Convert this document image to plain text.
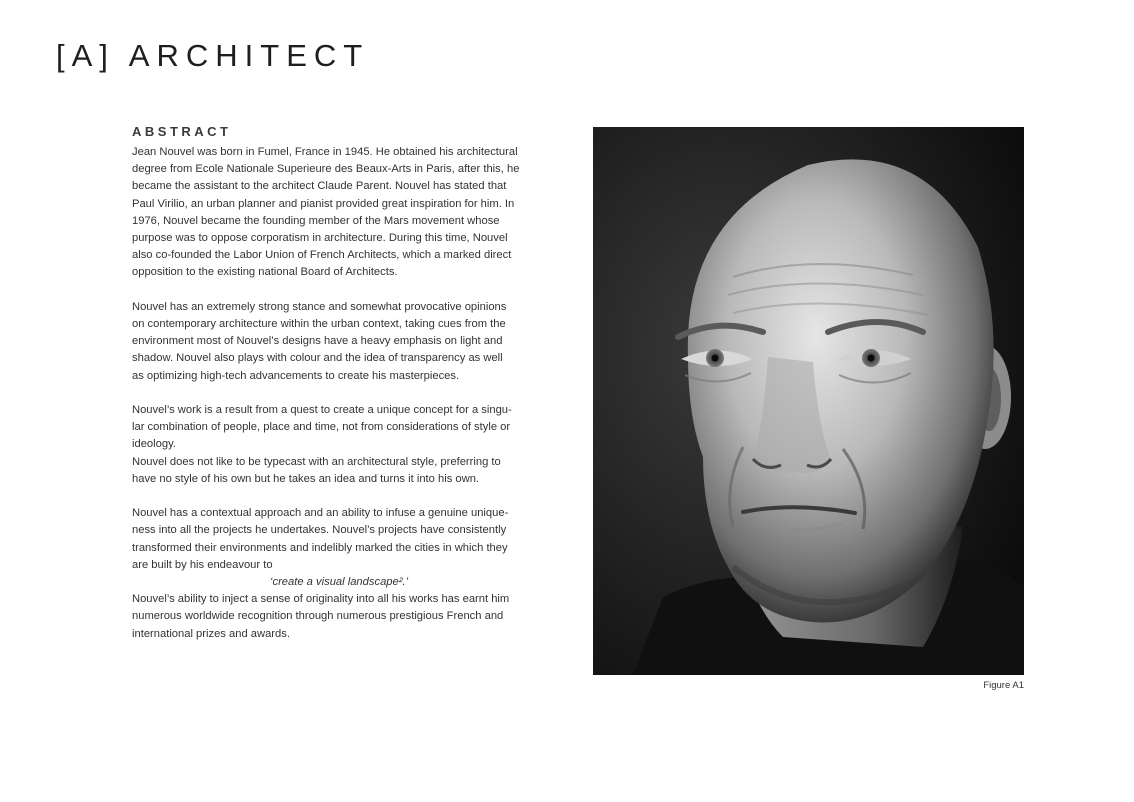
[A] ARCHITECT
ABSTRACT

Jean Nouvel was born in Fumel, France in 1945. He obtained his architectural

degree from Ecole Nationale Superieure des Beaux-Arts in Paris, after this, he

became the assistant to the architect Claude Parent. Nouvel has stated that

Paul Virilio, an urban planner and pianist provided great inspiration for him. In

1976, Nouvel became the founding member of the Mars movement whose

purpose was to oppose corporatism in architecture. During this time, Nouvel

also co-founded the Labor Union of French Architects, which a marked direct

opposition to the existing national Board of Architects.

Nouvel has an extremely strong stance and somewhat provocative opinions

on contemporary architecture within the urban context, taking cues from the

environment most of Nouvel’s designs have a heavy emphasis on light and

shadow. Nouvel also plays with colour and the idea of transparency as well

as optimizing high-tech advancements to create his masterpieces.

Nouvel’s work is a result from a quest to create a unique concept for a singu-

lar combination of people, place and time, not from considerations of style or

ideology.

Nouvel does not like to be typecast with an architectural style, preferring to

have no style of his own but he takes an idea and turns it into his own.

Nouvel has a contextual approach and an ability to infuse a genuine unique-

ness into all the projects he undertakes. Nouvel’s projects have consistently

transformed their environments and indelibly marked the cities in which they

are built by his endeavour to

‘create a visual landscape².’

Nouvel’s ability to inject a sense of originality into all his works has earnt him

numerous worldwide recognition through numerous prestigious French and

international prizes and awards.

Figure A1
